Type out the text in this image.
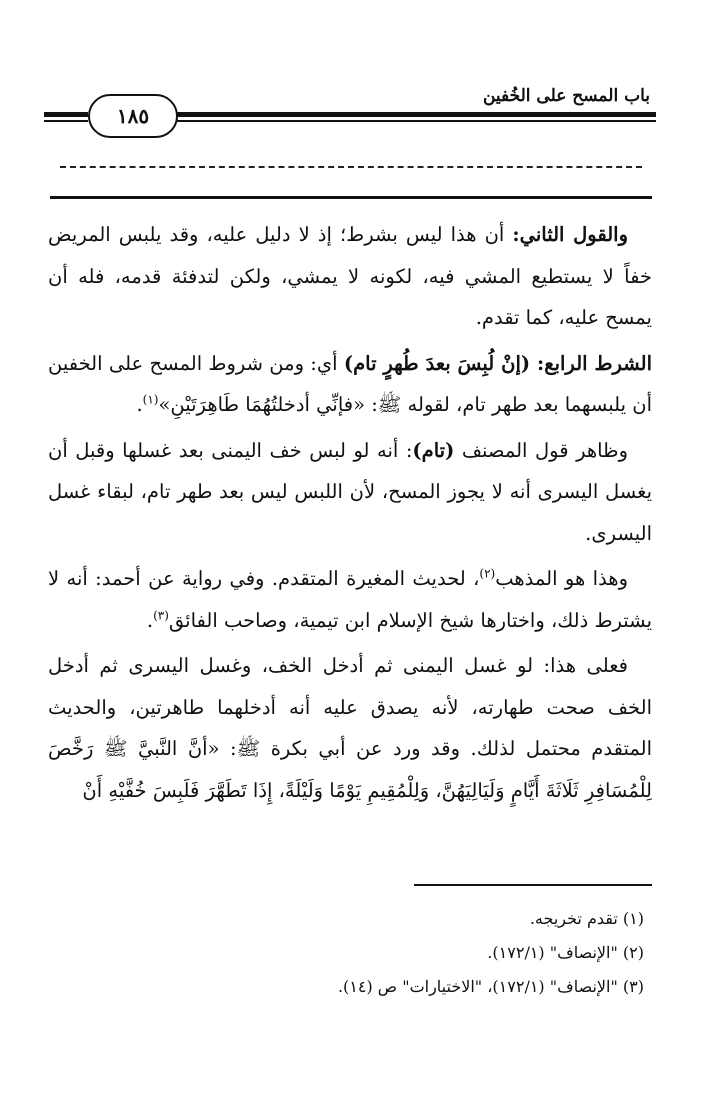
١٨٥
باب المسح على الخُفين

والقول الثاني: أن هذا ليس بشرط؛ إذ لا دليل عليه، وقد يلبس المريض خفاً لا يستطيع المشي فيه، لكونه لا يمشي، ولكن لتدفئة قدمه، فله أن يمسح عليه، كما تقدم.

الشرط الرابع: (إنْ لُبِسَ بعدَ طُهرٍ تام) أي: ومن شروط المسح على الخفين أن يلبسهما بعد طهر تام، لقوله ﷺ: «فإنِّي أدخلتُهُمَا طَاهِرَتَيْنِ»$^{(١)}$.

وظاهر قول المصنف (تام): أنه لو لبس خف اليمنى بعد غسلها وقبل أن يغسل اليسرى أنه لا يجوز المسح، لأن اللبس ليس بعد طهر تام، لبقاء غسل اليسرى.

وهذا هو المذهب$^{(٢)}$، لحديث المغيرة المتقدم. وفي رواية عن أحمد: أنه لا يشترط ذلك، واختارها شيخ الإسلام ابن تيمية، وصاحب الفائق$^{(٣)}$.

فعلى هذا: لو غسل اليمنى ثم أدخل الخف، وغسل اليسرى ثم أدخل الخف صحت طهارته، لأنه يصدق عليه أنه أدخلهما طاهرتين، والحديث المتقدم محتمل لذلك. وقد ورد عن أبي بكرة ﷺ: «أنَّ النَّبيَّ ﷺ رَخَّصَ لِلْمُسَافِرِ ثَلَاثَةَ أَيَّامٍ وَلَيَالِيَهُنَّ، وَلِلْمُقِيمِ يَوْمًا وَلَيْلَةً، إِذَا تَطَهَّرَ فَلَبِسَ خُفَّيْهِ أَنْ

(١) تقدم تخريجه.
(٢) "الإنصاف" (١٧٢/١).
(٣) "الإنصاف" (١٧٢/١)، "الاختيارات" ص (١٤).
